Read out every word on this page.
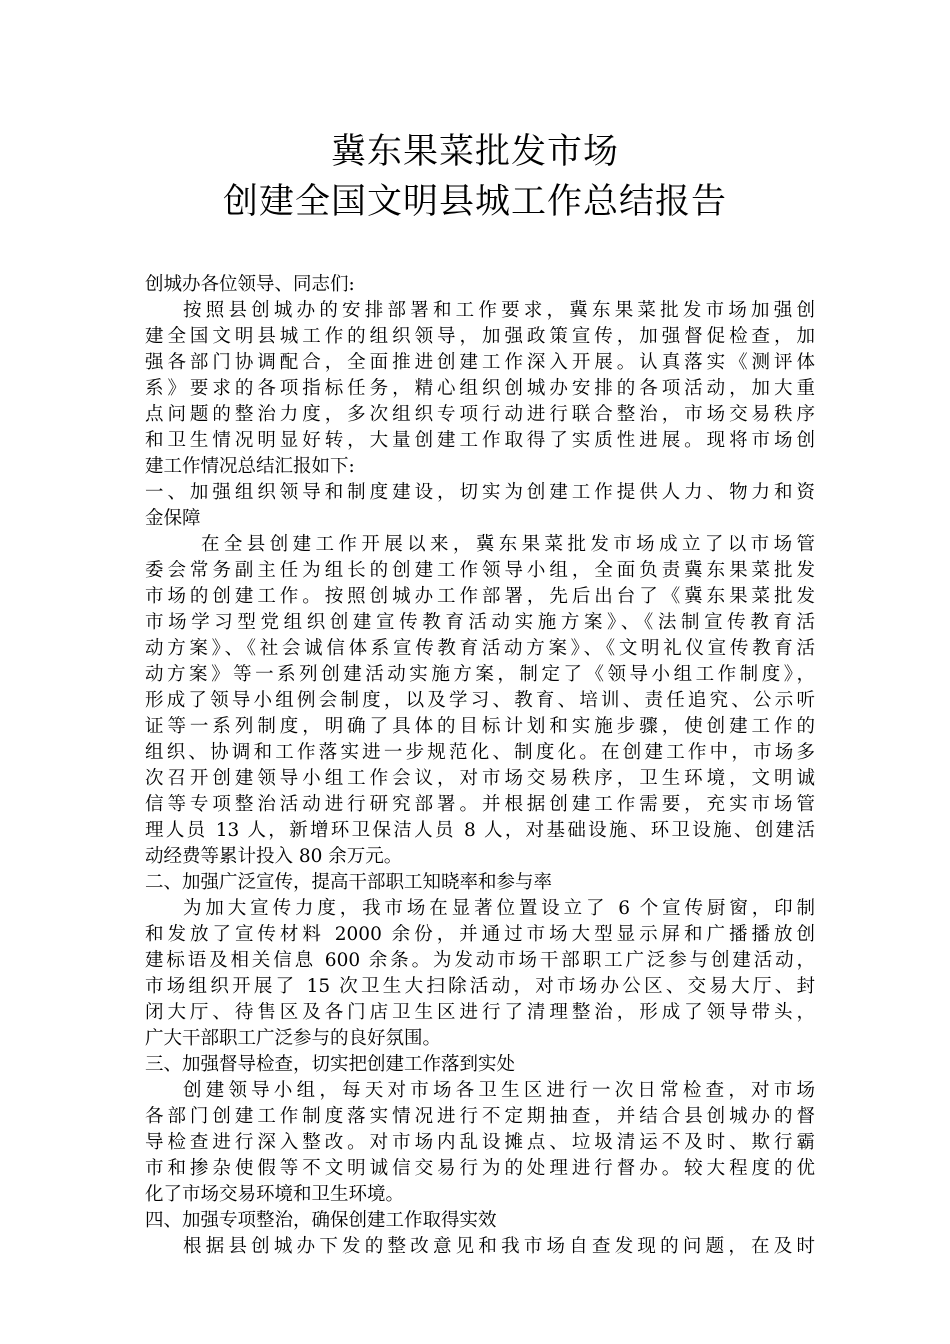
冀东果菜批发市场
创建全国文明县城工作总结报告
创城办各位领导、同志们:
按照县创城办的安排部署和工作要求，冀东果菜批发市场加强创
建全国文明县城工作的组织领导，加强政策宣传，加强督促检查，加
强各部门协调配合，全面推进创建工作深入开展。认真落实《测评体
系》要求的各项指标任务，精心组织创城办安排的各项活动，加大重
点问题的整治力度，多次组织专项行动进行联合整治，市场交易秩序
和卫生情况明显好转，大量创建工作取得了实质性进展。现将市场创
建工作情况总结汇报如下:
一、加强组织领导和制度建设，切实为创建工作提供人力、物力和资
金保障
在全县创建工作开展以来，冀东果菜批发市场成立了以市场管
委会常务副主任为组长的创建工作领导小组，全面负责冀东果菜批发
市场的创建工作。按照创城办工作部署，先后出台了《冀东果菜批发
市场学习型党组织创建宣传教育活动实施方案》、《法制宣传教育活
动方案》、《社会诚信体系宣传教育活动方案》、《文明礼仪宣传教育活
动方案》等一系列创建活动实施方案，制定了《领导小组工作制度》，
形成了领导小组例会制度，以及学习、教育、培训、责任追究、公示听
证等一系列制度，明确了具体的目标计划和实施步骤，使创建工作的
组织、协调和工作落实进一步规范化、制度化。在创建工作中，市场多
次召开创建领导小组工作会议，对市场交易秩序，卫生环境，文明诚
信等专项整治活动进行研究部署。并根据创建工作需要，充实市场管
理人员 13 人，新增环卫保洁人员 8 人，对基础设施、环卫设施、创建活
动经费等累计投入 80 余万元。
二、加强广泛宣传，提高干部职工知晓率和参与率
为加大宣传力度，我市场在显著位置设立了 6 个宣传厨窗，印制
和发放了宣传材料 2000 余份，并通过市场大型显示屏和广播播放创
建标语及相关信息 600 余条。为发动市场干部职工广泛参与创建活动，
市场组织开展了 15 次卫生大扫除活动，对市场办公区、交易大厅、封
闭大厅、待售区及各门店卫生区进行了清理整治，形成了领导带头，
广大干部职工广泛参与的良好氛围。
三、加强督导检查，切实把创建工作落到实处
创建领导小组，每天对市场各卫生区进行一次日常检查，对市场
各部门创建工作制度落实情况进行不定期抽查，并结合县创城办的督
导检查进行深入整改。对市场内乱设摊点、垃圾清运不及时、欺行霸
市和掺杂使假等不文明诚信交易行为的处理进行督办。较大程度的优
化了市场交易环境和卫生环境。
四、加强专项整治，确保创建工作取得实效
根据县创城办下发的整改意见和我市场自查发现的问题，在及时
